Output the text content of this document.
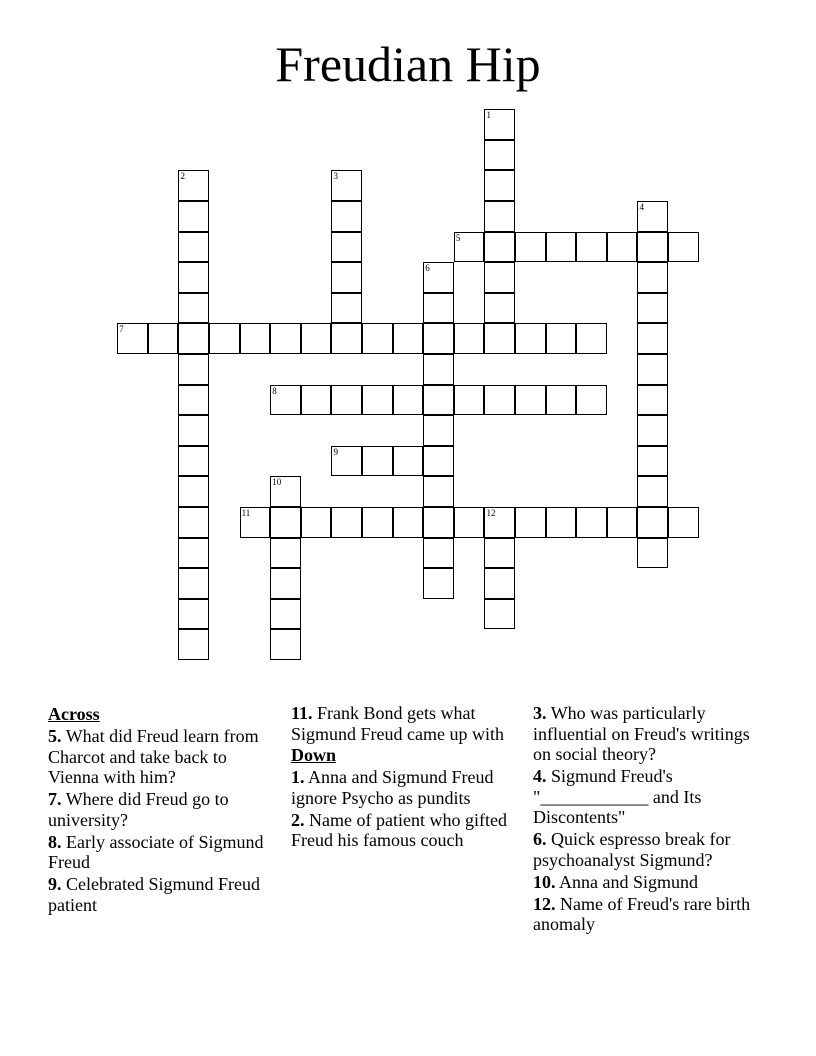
Freudian Hip
1
2	3
4
5
6
7
8
9
10
11	12
Across
5. What did Freud learn from Charcot and take back to Vienna with him?
7. Where did Freud go to university?
8. Early associate of Sigmund Freud
9. Celebrated Sigmund Freud patient
11. Frank Bond gets what Sigmund Freud came up with
Down
1. Anna and Sigmund Freud ignore Psycho as pundits
2. Name of patient who gifted Freud his famous couch
3. Who was particularly influential on Freud's writings on social theory?
4. Sigmund Freud's "____________ and Its Discontents"
6. Quick espresso break for psychoanalyst Sigmund?
10. Anna and Sigmund
12. Name of Freud's rare birth anomaly
